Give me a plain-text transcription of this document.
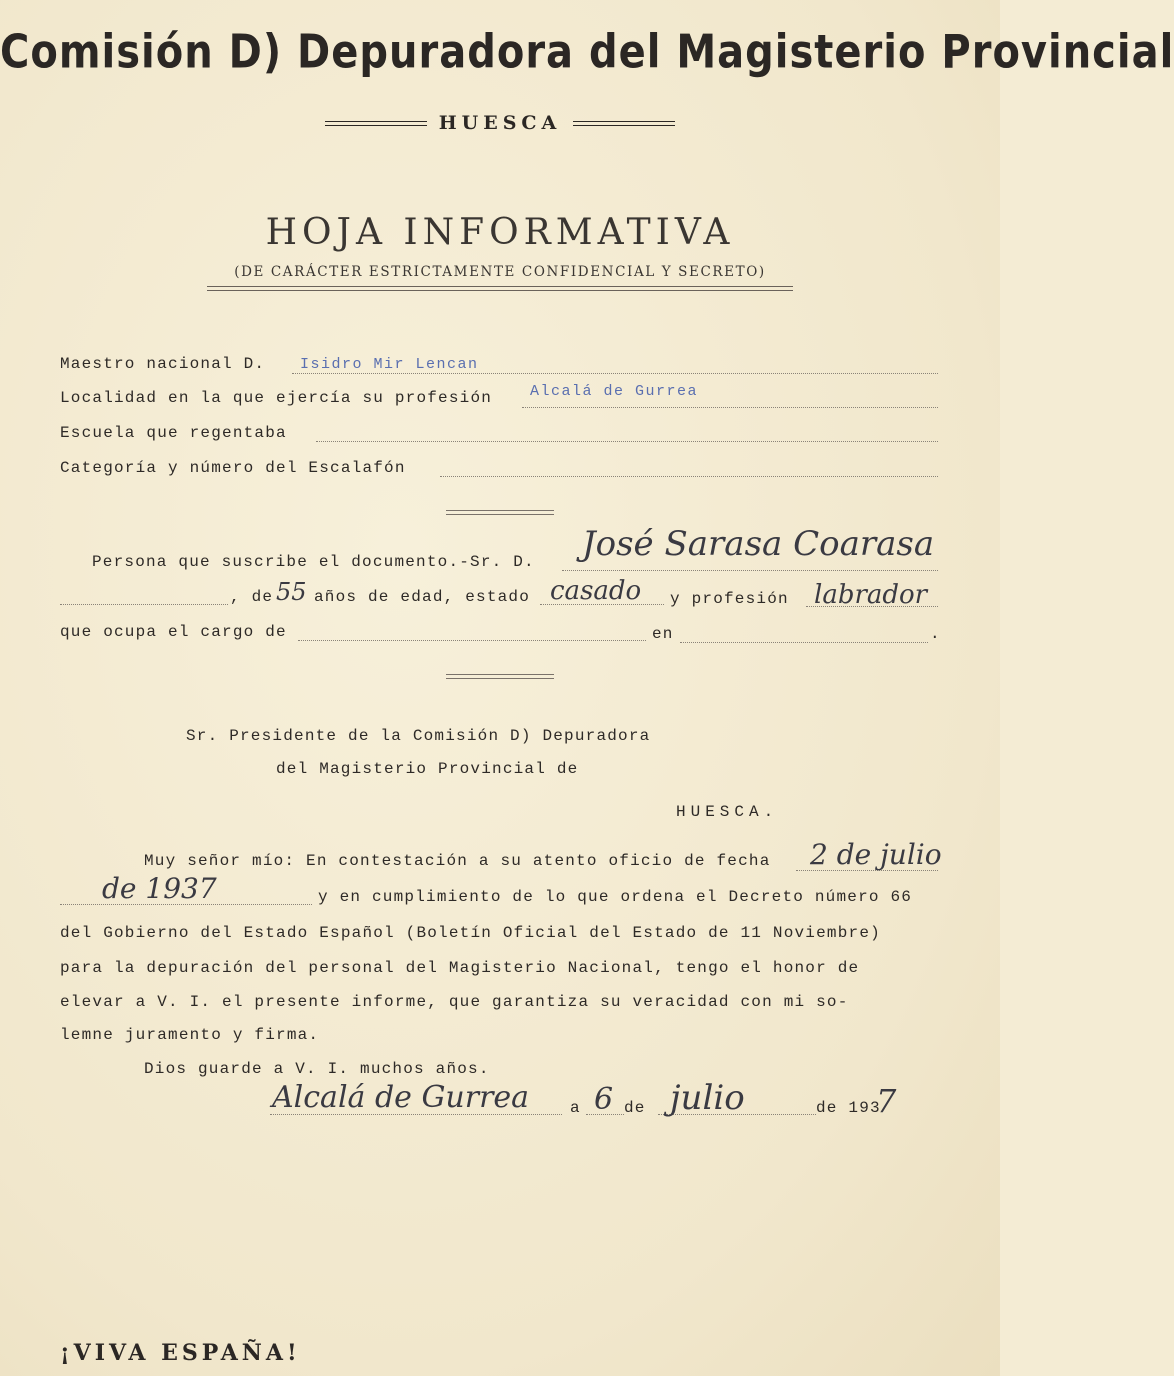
Comisión D) Depuradora del Magisterio Provincial
HUESCA
HOJA INFORMATIVA
(DE CARÁCTER ESTRICTAMENTE CONFIDENCIAL Y SECRETO)
Maestro nacional D. Isidro Mir Lencan
Localidad en la que ejercía su profesión	Alcalá de Gurrea
Escuela que regentaba
Categoría y número del Escalafón
Persona que suscribe el documento.-Sr. D. José Sarasa Coarasa
, de 55 años de edad, estado casado y profesión labrador
que ocupa el cargo de	en	.
Sr. Presidente de la Comisión D) Depuradora
del Magisterio Provincial de
HUESCA.
Muy señor mío: En contestación a su atento oficio de fecha 2 de julio
de 1937	y en cumplimiento de lo que ordena el Decreto número 66
del Gobierno del Estado Español (Boletín Oficial del Estado de 11 Noviembre)
para la depuración del personal del Magisterio Nacional, tengo el honor de
elevar a V. I. el presente informe, que garantiza su veracidad con mi so-
lemne juramento y firma.
Dios guarde a V. I. muchos años.
Alcalá de Gurrea	a 6 de julio	de 193
7
¡VIVA ESPAÑA!
